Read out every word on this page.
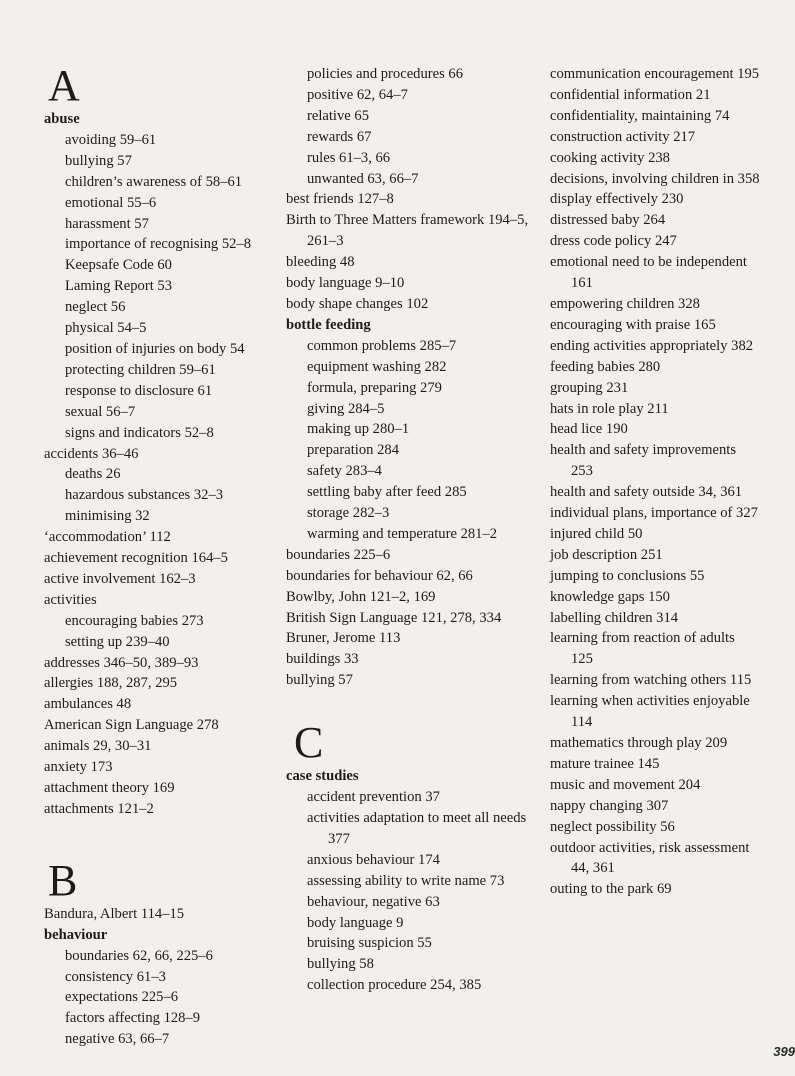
A
abuse
avoiding 59–61
bullying 57
children’s awareness of 58–61
emotional 55–6
harassment 57
importance of recognising 52–8
Keepsafe Code 60
Laming Report 53
neglect 56
physical 54–5
position of injuries on body 54
protecting children 59–61
response to disclosure 61
sexual 56–7
signs and indicators 52–8
accidents 36–46
deaths 26
hazardous substances 32–3
minimising 32
‘accommodation’ 112
achievement recognition 164–5
active involvement 162–3
activities
encouraging babies 273
setting up 239–40
addresses 346–50, 389–93
allergies 188, 287, 295
ambulances 48
American Sign Language 278
animals 29, 30–31
anxiety 173
attachment theory 169
attachments 121–2
B
Bandura, Albert 114–15
behaviour
boundaries 62, 66, 225–6
consistency 61–3
expectations 225–6
factors affecting 128–9
negative 63, 66–7
policies and procedures 66
positive 62, 64–7
relative 65
rewards 67
rules 61–3, 66
unwanted 63, 66–7
best friends 127–8
Birth to Three Matters framework 194–5, 261–3
bleeding 48
body language 9–10
body shape changes 102
bottle feeding
common problems 285–7
equipment washing 282
formula, preparing 279
giving 284–5
making up 280–1
preparation 284
safety 283–4
settling baby after feed 285
storage 282–3
warming and temperature 281–2
boundaries 225–6
boundaries for behaviour 62, 66
Bowlby, John 121–2, 169
British Sign Language 121, 278, 334
Bruner, Jerome 113
buildings 33
bullying 57
C
case studies
accident prevention 37
activities adaptation to meet all needs 377
anxious behaviour 174
assessing ability to write name 73
behaviour, negative 63
body language 9
bruising suspicion 55
bullying 58
collection procedure 254, 385
communication encouragement 195
confidential information 21
confidentiality, maintaining 74
construction activity 217
cooking activity 238
decisions, involving children in 358
display effectively 230
distressed baby 264
dress code policy 247
emotional need to be independent 161
empowering children 328
encouraging with praise 165
ending activities appropriately 382
feeding babies 280
grouping 231
hats in role play 211
head lice 190
health and safety improvements 253
health and safety outside 34, 361
individual plans, importance of 327
injured child 50
job description 251
jumping to conclusions 55
knowledge gaps 150
labelling children 314
learning from reaction of adults 125
learning from watching others 115
learning when activities enjoyable 114
mathematics through play 209
mature trainee 145
music and movement 204
nappy changing 307
neglect possibility 56
outdoor activities, risk assessment 44, 361
outing to the park 69
399
